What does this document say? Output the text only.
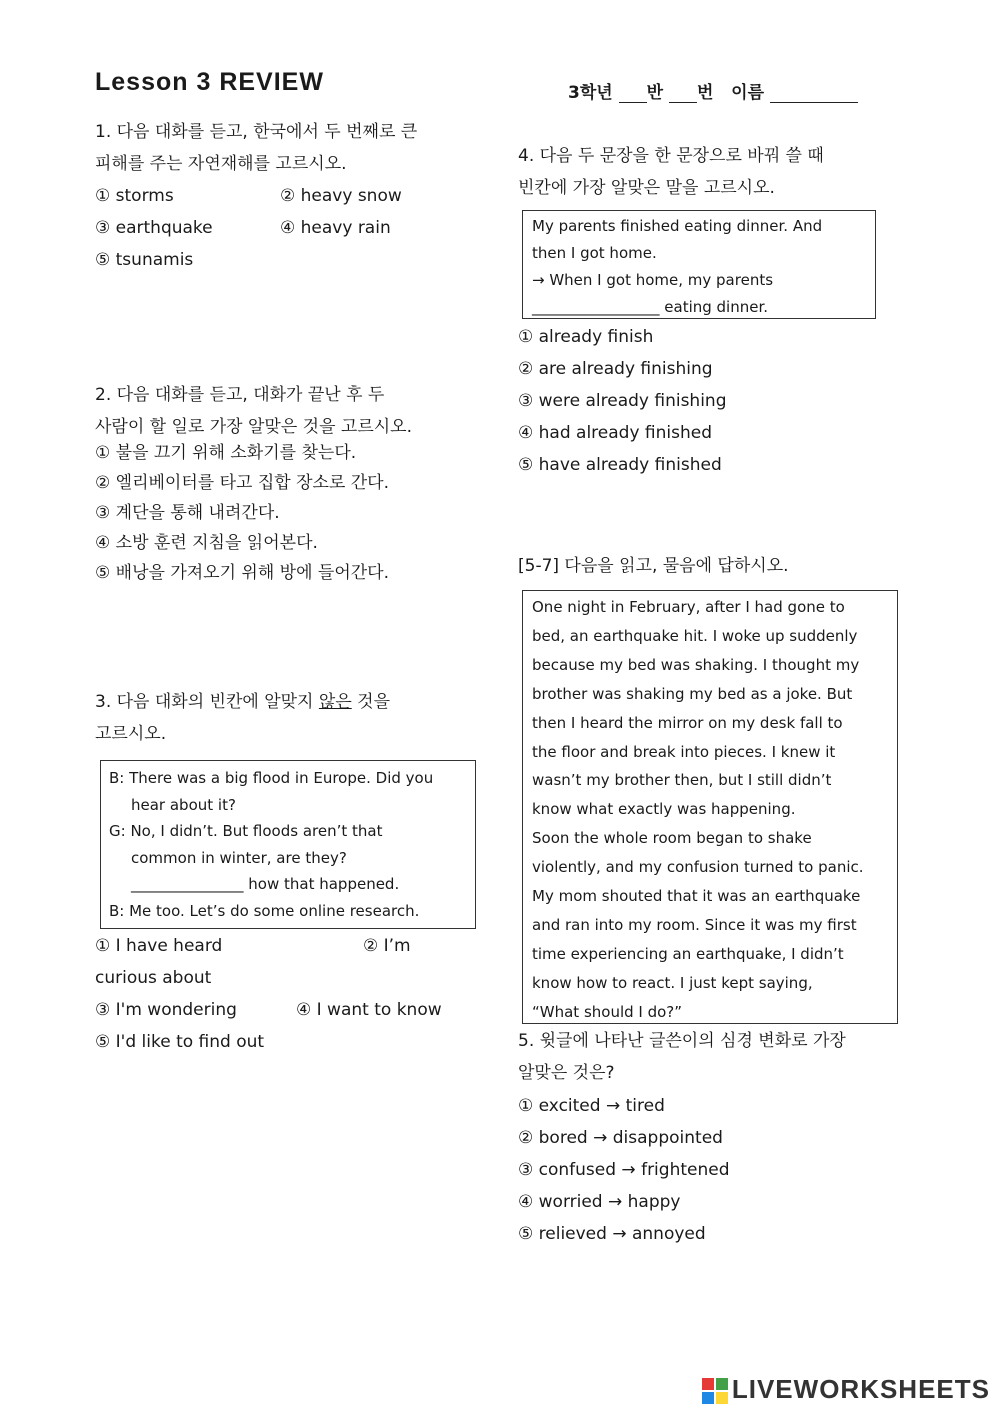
Lesson 3 REVIEW	3학년 반 번 이름
1. 다음 대화를 듣고, 한국에서 두 번째로 큰
피해를 주는 자연재해를 고르시오.
① storms	② heavy snow
③ earthquake	④ heavy rain
⑤ tsunamis
2. 다음 대화를 듣고, 대화가 끝난 후 두
사람이 할 일로 가장 알맞은 것을 고르시오.
① 불을 끄기 위해 소화기를 찾는다.
② 엘리베이터를 타고 집합 장소로 간다.
③ 계단을 통해 내려간다.
④ 소방 훈련 지침을 읽어본다.
⑤ 배낭을 가져오기 위해 방에 들어간다.
3. 다음 대화의 빈칸에 알맞지 않은 것을
고르시오.
B: There was a big flood in Europe. Did you
hear about it?
G: No, I didn’t. But floods aren’t that
common in winter, are they?
_______________ how that happened.
B: Me too. Let’s do some online research.
① I have heard	② I’m
curious about
③ I'm wondering	④ I want to know
⑤ I'd like to find out
4. 다음 두 문장을 한 문장으로 바꿔 쓸 때
빈칸에 가장 알맞은 말을 고르시오.
My parents finished eating dinner. And
then I got home.
→ When I got home, my parents
_________________ eating dinner.
① already finish
② are already finishing
③ were already finishing
④ had already finished
⑤ have already finished
[5-7] 다음을 읽고, 물음에 답하시오.
One night in February, after I had gone to
bed, an earthquake hit. I woke up suddenly
because my bed was shaking. I thought my
brother was shaking my bed as a joke. But
then I heard the mirror on my desk fall to
the floor and break into pieces. I knew it
wasn’t my brother then, but I still didn’t
know what exactly was happening.
Soon the whole room began to shake
violently, and my confusion turned to panic.
My mom shouted that it was an earthquake
and ran into my room. Since it was my first
time experiencing an earthquake, I didn’t
know how to react. I just kept saying,
“What should I do?”
5. 윗글에 나타난 글쓴이의 심경 변화로 가장
알맞은 것은?
① excited → tired
② bored → disappointed
③ confused → frightened
④ worried → happy
⑤ relieved → annoyed
LIVEWORKSHEETS
